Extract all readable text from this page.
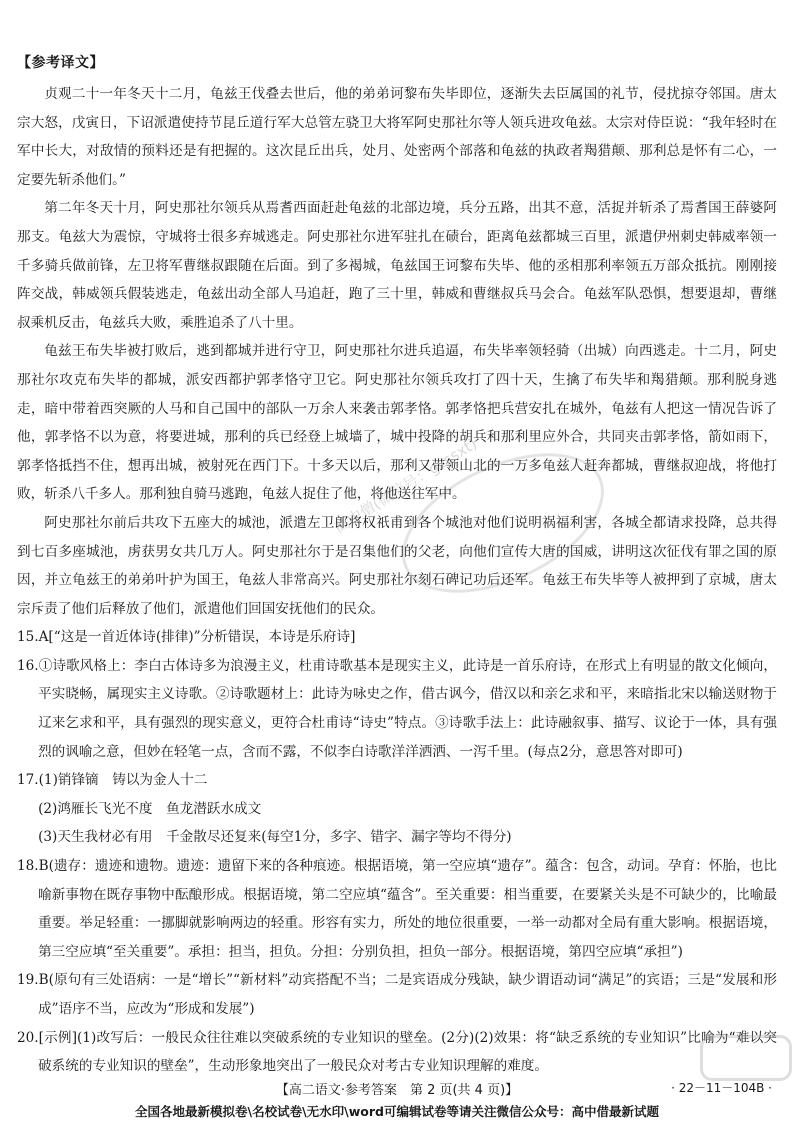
高中僧(微信号：gzssxt)
【参考译文】

贞观二十一年冬天十二月，龟兹王伐叠去世后，他的弟弟诃黎布失毕即位，逐渐失去臣属国的礼节，侵扰掠夺邻国。唐太宗大怒，戊寅日，下诏派遣使持节昆丘道行军大总管左骁卫大将军阿史那社尔等人领兵进攻龟兹。太宗对侍臣说：“我年轻时在军中长大，对敌情的预料还是有把握的。这次昆丘出兵，处月、处密两个部落和龟兹的执政者羯猎颠、那利总是怀有二心，一定要先斩杀他们。”

第二年冬天十月，阿史那社尔领兵从焉耆西面赶赴龟兹的北部边境，兵分五路，出其不意，活捉并斩杀了焉耆国王薛婆阿那支。龟兹大为震惊，守城将士很多弃城逃走。阿史那社尔进军驻扎在碛台，距离龟兹都城三百里，派遣伊州刺史韩威率领一千多骑兵做前锋，左卫将军曹继叔跟随在后面。到了多褐城，龟兹国王诃黎布失毕、他的丞相那利率领五万部众抵抗。刚刚接阵交战，韩威领兵假装逃走，龟兹出动全部人马追赶，跑了三十里，韩威和曹继叔兵马会合。龟兹军队恐惧，想要退却，曹继叔乘机反击，龟兹兵大败，乘胜追杀了八十里。

龟兹王布失毕被打败后，逃到都城并进行守卫，阿史那社尔进兵追逼，布失毕率领轻骑（出城）向西逃走。十二月，阿史那社尔攻克布失毕的都城，派安西都护郭孝恪守卫它。阿史那社尔领兵攻打了四十天，生擒了布失毕和羯猎颠。那利脱身逃走，暗中带着西突厥的人马和自己国中的部队一万余人来袭击郭孝恪。郭孝恪把兵营安扎在城外，龟兹有人把这一情况告诉了他，郭孝恪不以为意，将要进城，那利的兵已经登上城墙了，城中投降的胡兵和那利里应外合，共同夹击郭孝恪，箭如雨下，郭孝恪抵挡不住，想再出城，被射死在西门下。十多天以后，那利又带领山北的一万多龟兹人赶奔都城，曹继叔迎战，将他打败，斩杀八千多人。那利独自骑马逃跑，龟兹人捉住了他，将他送往军中。

阿史那社尔前后共攻下五座大的城池，派遣左卫郎将权祇甫到各个城池对他们说明祸福利害，各城全都请求投降，总共得到七百多座城池，虏获男女共几万人。阿史那社尔于是召集他们的父老，向他们宣传大唐的国威，讲明这次征伐有罪之国的原因，并立龟兹王的弟弟叶护为国王，龟兹人非常高兴。阿史那社尔刻石碑记功后还军。龟兹王布失毕等人被押到了京城，唐太宗斥责了他们后释放了他们，派遣他们回国安抚他们的民众。

15.A[“这是一首近体诗(排律)”分析错误，本诗是乐府诗]

16.①诗歌风格上：李白古体诗多为浪漫主义，杜甫诗歌基本是现实主义，此诗是一首乐府诗，在形式上有明显的散文化倾向，平实晓畅，属现实主义诗歌。②诗歌题材上：此诗为咏史之作，借古讽今，借汉以和亲乞求和平，来暗指北宋以输送财物于辽来乞求和平，具有强烈的现实意义，更符合杜甫诗“诗史”特点。③诗歌手法上：此诗融叙事、描写、议论于一体，具有强烈的讽喻之意，但妙在轻笔一点，含而不露，不似李白诗歌洋洋洒洒、一泻千里。(每点2分，意思答对即可)

17.(1)销锋镝　铸以为金人十二

(2)鸿雁长飞光不度　鱼龙潜跃水成文

(3)天生我材必有用　千金散尽还复来(每空1分，多字、错字、漏字等均不得分)

18.B(遗存：遗迹和遗物。遗迹：遗留下来的各种痕迹。根据语境，第一空应填“遗存”。蕴含：包含，动词。孕育：怀胎，也比喻新事物在既存事物中酝酿形成。根据语境，第二空应填“蕴含”。至关重要：相当重要，在要紧关头是不可缺少的，比喻最重要。举足轻重：一挪脚就影响两边的轻重。形容有实力，所处的地位很重要，一举一动都对全局有重大影响。根据语境，第三空应填“至关重要”。承担：担当，担负。分担：分别负担，担负一部分。根据语境，第四空应填“承担”)

19.B(原句有三处语病：一是“增长”“新材料”动宾搭配不当；二是宾语成分残缺，缺少谓语动词“满足”的宾语；三是“发展和形成”语序不当，应改为“形成和发展”)

20.[示例](1)改写后：一般民众往往难以突破系统的专业知识的壁垒。(2分)(2)效果：将“缺乏系统的专业知识”比喻为“难以突破系统的专业知识的壁垒”，生动形象地突出了一般民众对考古专业知识理解的难度。

【高二语文·参考答案　第 2 页(共 4 页)】	· 22－11－104B ·
全国各地最新模拟卷\名校试卷\无水印\word可编辑试卷等请关注微信公众号：高中借最新试题
